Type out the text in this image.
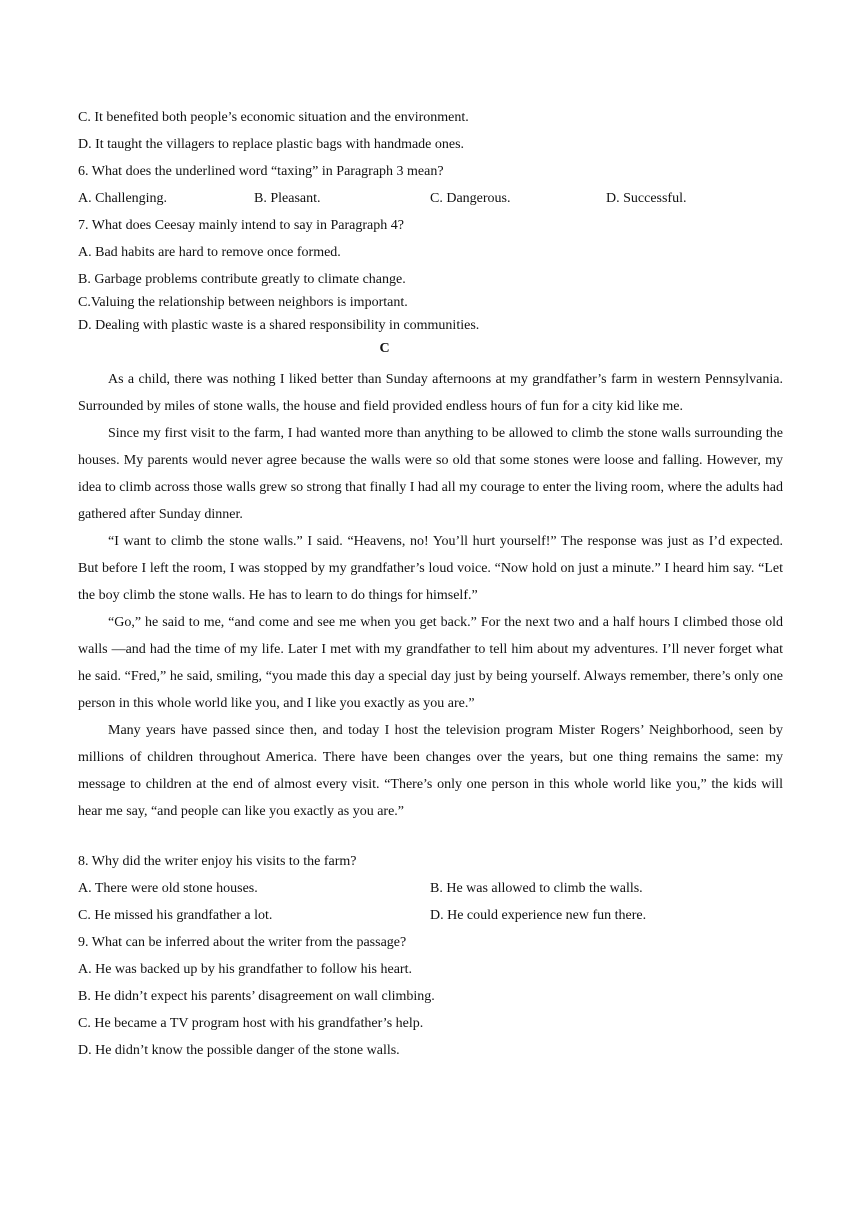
C. It benefited both people’s economic situation and the environment.
D. It taught the villagers to replace plastic bags with handmade ones.
6. What does the underlined word “taxing” in Paragraph 3 mean?
A. Challenging.	B. Pleasant.	C. Dangerous.	D. Successful.
7. What does Ceesay mainly intend to say in Paragraph 4?
A. Bad habits are hard to remove once formed.
B. Garbage problems contribute greatly to climate change.
C.Valuing the relationship between neighbors is important.
D. Dealing with plastic waste is a shared responsibility in communities.
C

As a child, there was nothing I liked better than Sunday afternoons at my grandfather’s farm in western Pennsylvania. Surrounded by miles of stone walls, the house and field provided endless hours of fun for a city kid like me.

Since my first visit to the farm, I had wanted more than anything to be allowed to climb the stone walls surrounding the houses. My parents would never agree because the walls were so old that some stones were loose and falling. However, my idea to climb across those walls grew so strong that finally I had all my courage to enter the living room, where the adults had gathered after Sunday dinner.

“I want to climb the stone walls.” I said. “Heavens, no! You’ll hurt yourself!” The response was just as I’d expected. But before I left the room, I was stopped by my grandfather’s loud voice. “Now hold on just a minute.” I heard him say. “Let the boy climb the stone walls. He has to learn to do things for himself.”

“Go,” he said to me, “and come and see me when you get back.” For the next two and a half hours I climbed those old walls —and had the time of my life. Later I met with my grandfather to tell him about my adventures. I’ll never forget what he said. “Fred,” he said, smiling, “you made this day a special day just by being yourself. Always remember, there’s only one person in this whole world like you, and I like you exactly as you are.”

Many years have passed since then, and today I host the television program Mister Rogers’ Neighborhood, seen by millions of children throughout America. There have been changes over the years, but one thing remains the same: my message to children at the end of almost every visit. “There’s only one person in this whole world like you,” the kids will hear me say, “and people can like you exactly as you are.”

8. Why did the writer enjoy his visits to the farm?
A. There were old stone houses.	B. He was allowed to climb the walls.
C. He missed his grandfather a lot.	D. He could experience new fun there.
9. What can be inferred about the writer from the passage?
A. He was backed up by his grandfather to follow his heart.
B. He didn’t expect his parents’ disagreement on wall climbing.
C. He became a TV program host with his grandfather’s help.
D. He didn’t know the possible danger of the stone walls.
